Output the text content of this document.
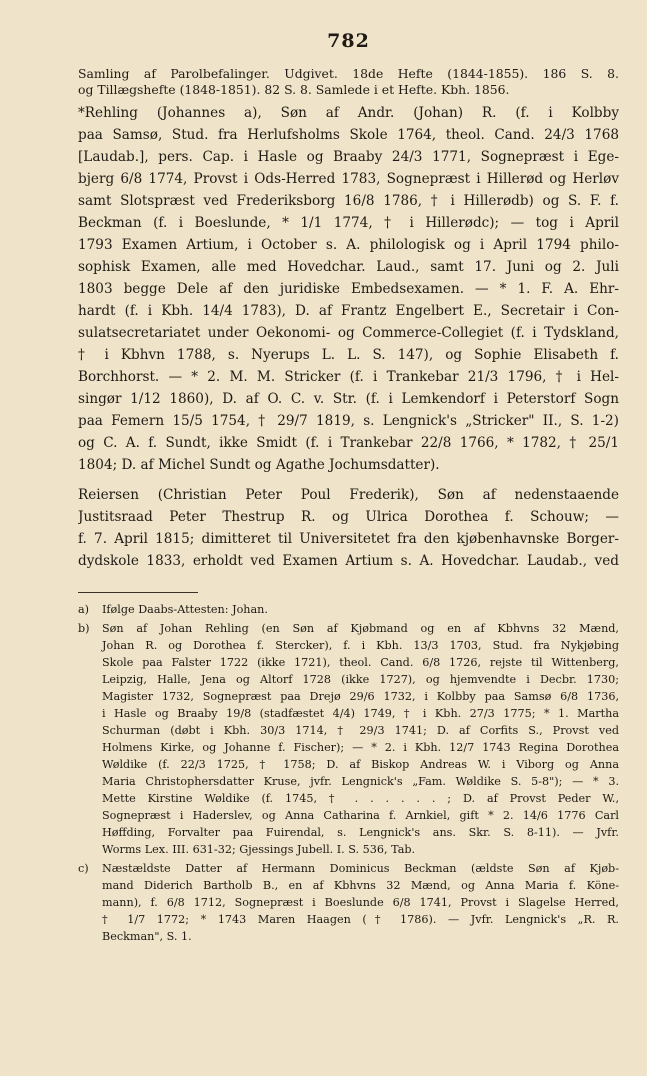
782
Samling af Parolbefalinger. Udgivet. 18de Hefte (1844-1855). 186 S. 8.
og Tillægshefte (1848-1851). 82 S. 8. Samlede i et Hefte. Kbh. 1856.
*Rehling (Johannes a), Søn af Andr. (Johan) R. (f. i Kolbby
paa Samsø, Stud. fra Herlufsholms Skole 1764, theol. Cand. 24/3 1768
[Laudab.], pers. Cap. i Hasle og Braaby 24/3 1771, Sognepræst i Ege-
bjerg 6/8 1774, Provst i Ods-Herred 1783, Sognepræst i Hillerød og Herløv
samt Slotspræst ved Frederiksborg 16/8 1786, † i Hillerødb) og S. F. f.
Beckman (f. i Boeslunde, * 1/1 1774, † i Hillerødc); — tog i April
1793 Examen Artium, i October s. A. philologisk og i April 1794 philo-
sophisk Examen, alle med Hovedchar. Laud., samt 17. Juni og 2. Juli
1803 begge Dele af den juridiske Embedsexamen. — * 1. F. A. Ehr-
hardt (f. i Kbh. 14/4 1783), D. af Frantz Engelbert E., Secretair i Con-
sulatsecretariatet under Oekonomi- og Commerce-Collegiet (f. i Tydskland,
† i Kbhvn 1788, s. Nyerups L. L. S. 147), og Sophie Elisabeth f.
Borchhorst. — * 2. M. M. Stricker (f. i Trankebar 21/3 1796, † i Hel-
singør 1/12 1860), D. af O. C. v. Str. (f. i Lemkendorf i Peterstorf Sogn
paa Femern 15/5 1754, † 29/7 1819, s. Lengnick's „Stricker" II., S. 1-2)
og C. A. f. Sundt, ikke Smidt (f. i Trankebar 22/8 1766, * 1782, † 25/1
1804; D. af Michel Sundt og Agathe Jochumsdatter).
Reiersen (Christian Peter Poul Frederik), Søn af nedenstaaende
Justitsraad Peter Thestrup R. og Ulrica Dorothea f. Schouw; —
f. 7. April 1815; dimitteret til Universitetet fra den kjøbenhavnske Borger-
dydskole 1833, erholdt ved Examen Artium s. A. Hovedchar. Laudab., ved
a) Ifølge Daabs-Attesten: Johan.
b) Søn af Johan Rehling (en Søn af Kjøbmand og en af Kbhvns 32 Mænd,
Johan R. og Dorothea f. Stercker), f. i Kbh. 13/3 1703, Stud. fra Nykjøbing
Skole paa Falster 1722 (ikke 1721), theol. Cand. 6/8 1726, rejste til Wittenberg,
Leipzig, Halle, Jena og Altorf 1728 (ikke 1727), og hjemvendte i Decbr. 1730;
Magister 1732, Sognepræst paa Drejø 29/6 1732, i Kolbby paa Samsø 6/8 1736,
i Hasle og Braaby 19/8 (stadfæstet 4/4) 1749, † i Kbh. 27/3 1775; * 1. Martha
Schurman (døbt i Kbh. 30/3 1714, † 29/3 1741; D. af Corfits S., Provst ved
Holmens Kirke, og Johanne f. Fischer); — * 2. i Kbh. 12/7 1743 Regina Dorothea
Wøldike (f. 22/3 1725, † 1758; D. af Biskop Andreas W. i Viborg og Anna
Maria Christophersdatter Kruse, jvfr. Lengnick's „Fam. Wøldike S. 5-8"); — * 3.
Mette Kirstine Wøldike (f. 1745, † . . . . . . ; D. af Provst Peder W.,
Sognepræst i Haderslev, og Anna Catharina f. Arnkiel, gift * 2. 14/6 1776 Carl
Høffding, Forvalter paa Fuirendal, s. Lengnick's ans. Skr. S. 8-11). — Jvfr.
Worms Lex. III. 631-32; Gjessings Jubell. I. S. 536, Tab.
c) Næstældste Datter af Hermann Dominicus Beckman (ældste Søn af Kjøb-
mand Diderich Bartholb B., en af Kbhvns 32 Mænd, og Anna Maria f. Köne-
mann), f. 6/8 1712, Sognepræst i Boeslunde 6/8 1741, Provst i Slagelse Herred,
† 1/7 1772; * 1743 Maren Haagen († 1786). — Jvfr. Lengnick's „R. R.
Beckman", S. 1.
